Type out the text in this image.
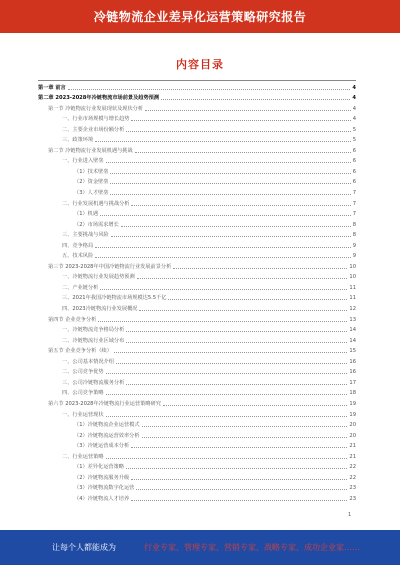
冷链物流企业差异化运营策略研究报告
内容目录
第一章 前言	4
第二章 2023-2028年冷链物流市场前景及趋势预测	4
第一节 冷链物流行业发展现状及现状分析	4
一、行业市场规模与增长趋势	4
二、主要企业市场份额分析	5
三、政策环境	5
第二节 冷链物流行业发展机遇与挑战	6
一、行业进入壁垒	6
（1）技术壁垒	6
（2）资金壁垒	6
（3）人才壁垒	7
二、行业发展机遇与挑战分析	7
（1）机遇	7
（2）市场需求增长	8
三、主要挑战与风险	8
四、竞争格局	9
五、技术风险	9
第三节 2023-2028年中国冷链物流行业发展前景分析	10
一、冷链物流行业发展趋势预测	10
二、产业链分析	11
三、2021年我国冷链物流市场规模达5.5千亿	11
四、2023冷链物流行业发展概况	12
第四节 企业竞争分析	13
一、冷链物流竞争格局分析	14
二、冷链物流行业区域分布	14
第五节 企业竞争分析（续）	15
一、公司基本情况介绍	16
二、公司竞争优势	16
三、公司冷链物流服务分析	17
四、公司竞争策略	18
第六节 2023-2028年冷链物流行业运营策略研究	19
一、行业运营现状	19
（1）冷链物流企业运营模式	20
（2）冷链物流运营效率分析	20
（3）冷链运营成本分析	21
二、行业运营策略	21
（1）差异化运营策略	22
（2）冷链物流服务升级	22
（3）冷链物流数字化运营	23
（4）冷链物流人才培养	23
1
让每个人都能成为	行业专家、管理专家、营销专家、战略专家、成功企业家……
